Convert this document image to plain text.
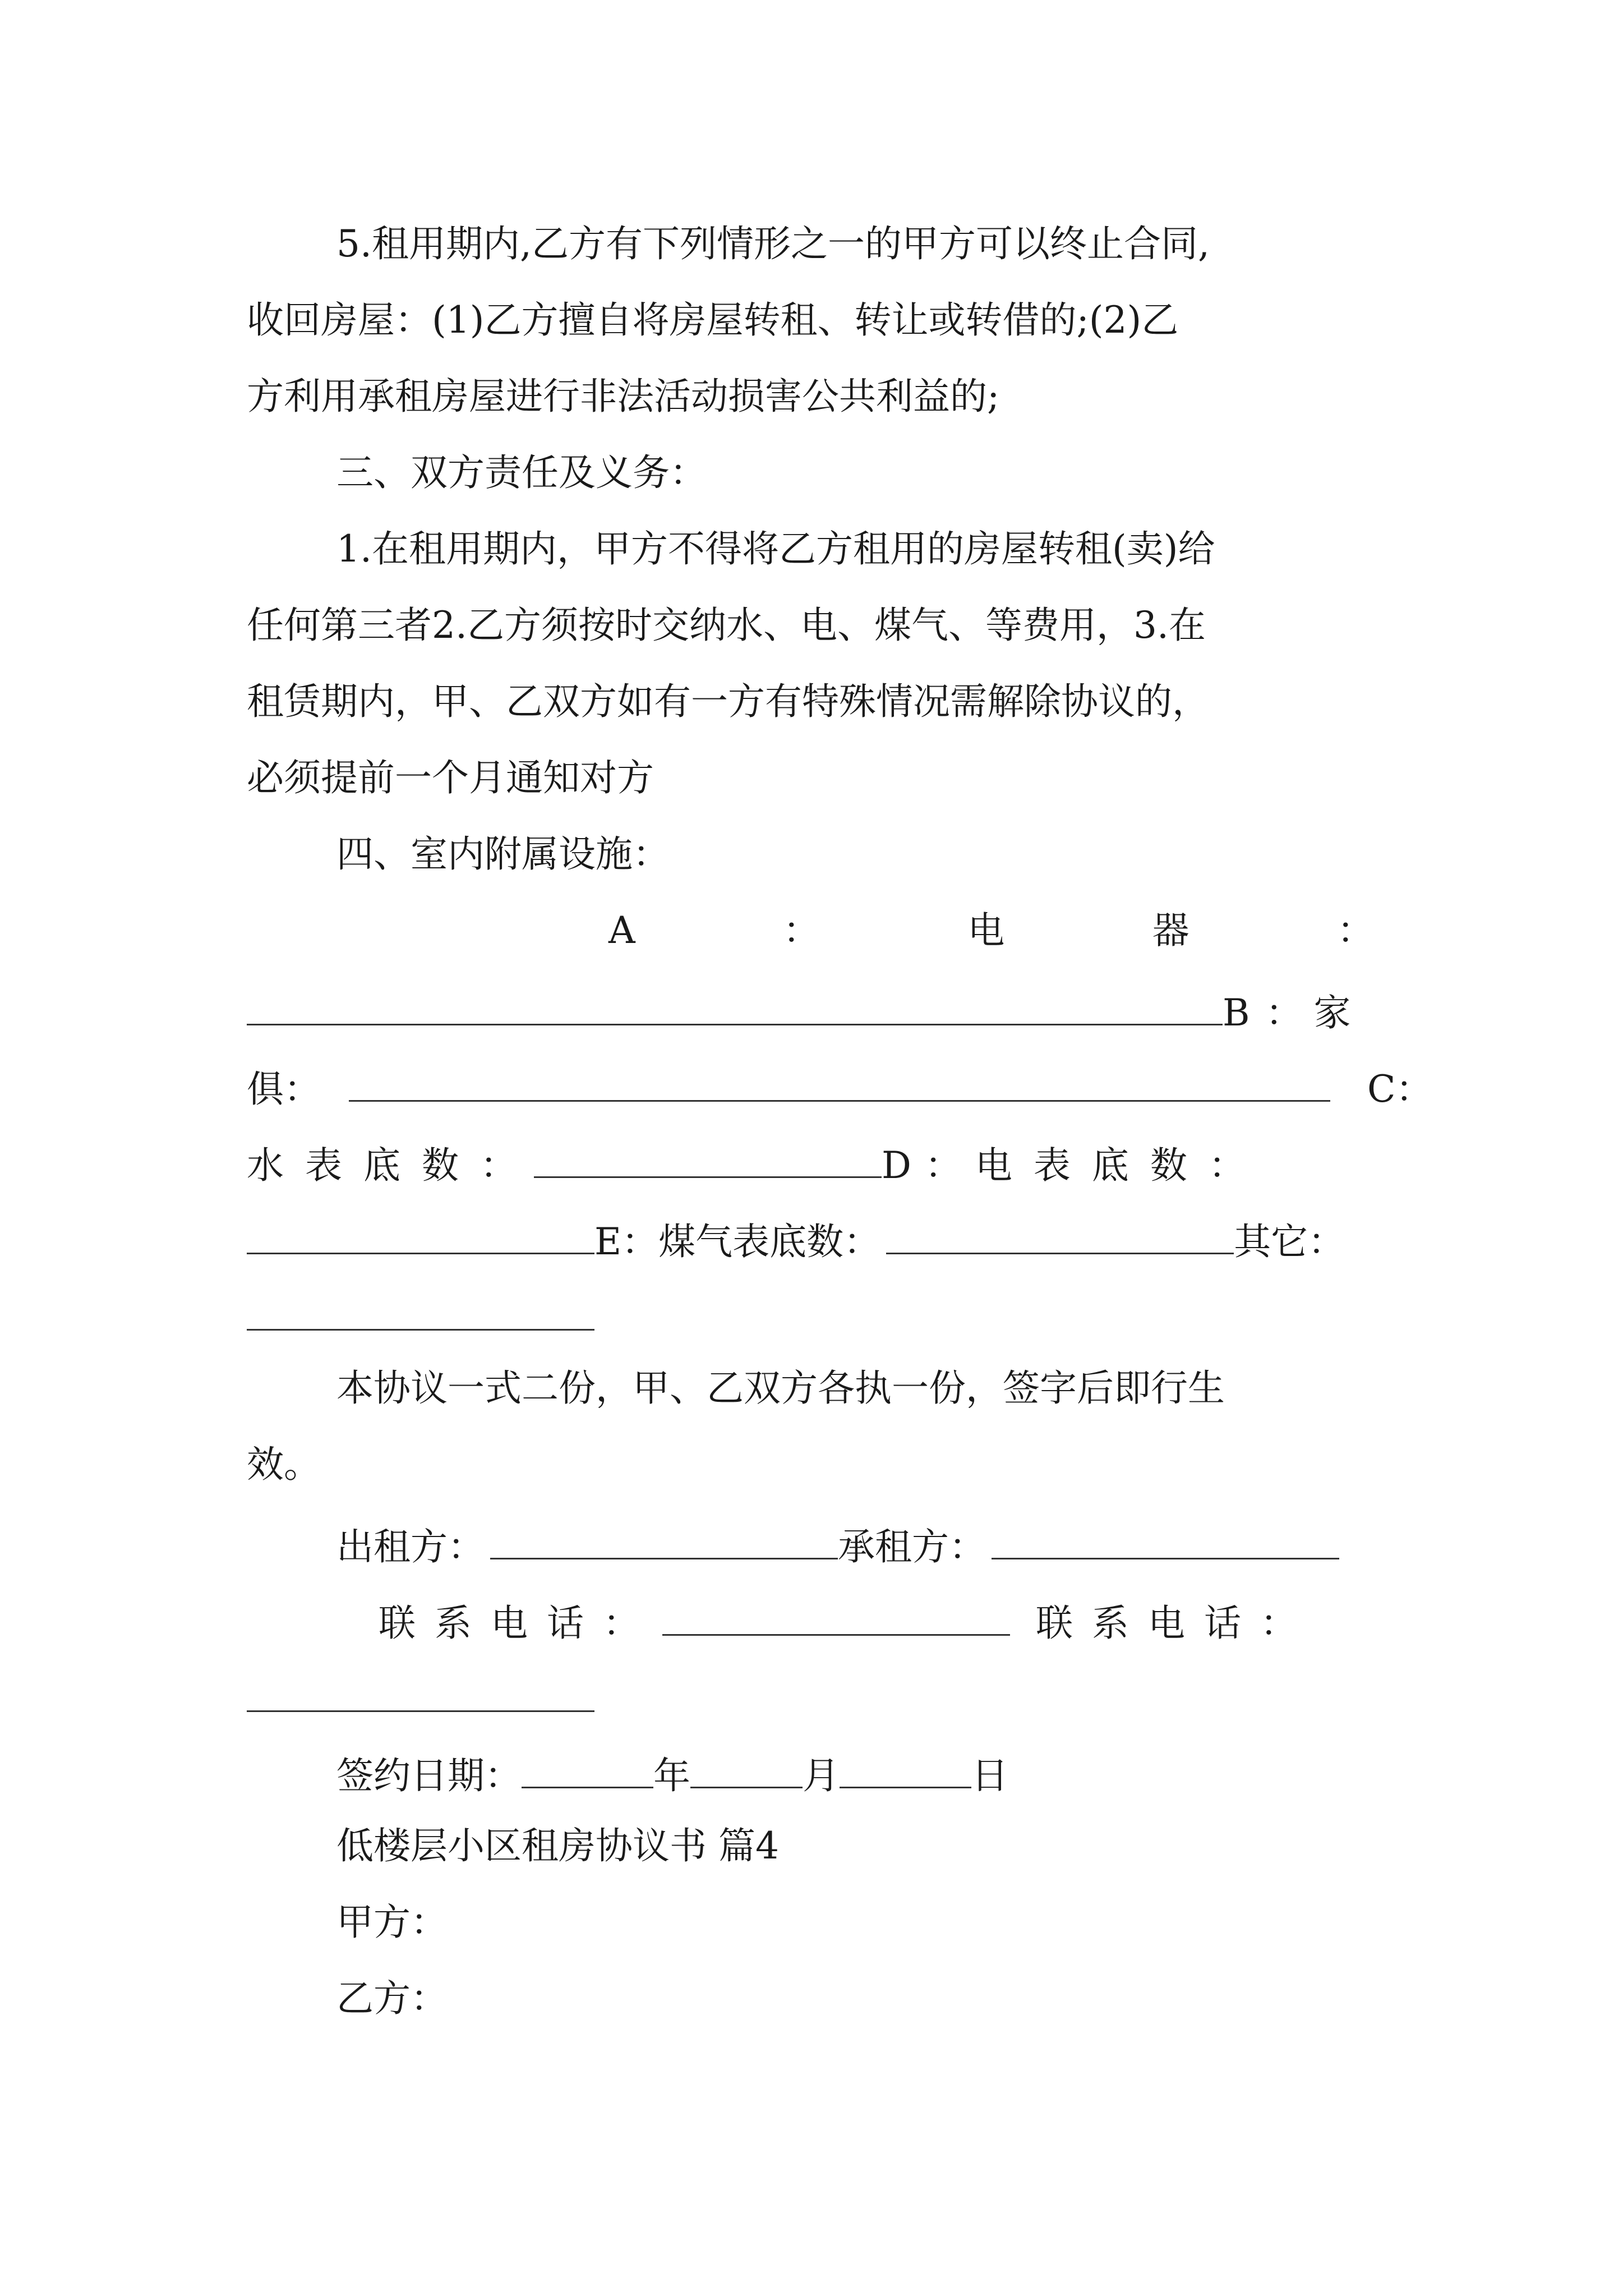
5.租用期内,乙方有下列情形之一的甲方可以终止合同,
收回房屋：(1)乙方擅自将房屋转租、转让或转借的;(2)乙
方利用承租房屋进行非法活动损害公共利益的;
三、双方责任及义务：
1.在租用期内，甲方不得将乙方租用的房屋转租(卖)给
任何第三者2.乙方须按时交纳水、电、煤气、等费用，3.在
租赁期内，甲、乙双方如有一方有特殊情况需解除协议的，
必须提前一个月通知对方
四、室内附属设施：
A	：	电	器	：
B ： 家
俱：	C：
水 表 底 数 ：	D ： 电 表 底 数 ：
E：煤气表底数：	其它：
本协议一式二份，甲、乙双方各执一份，签字后即行生
效。
出租方：	承租方：
联 系 电 话 ：	联 系 电 话 ：
签约日期：	年	月	日
低楼层小区租房协议书 篇4
甲方：
乙方：
